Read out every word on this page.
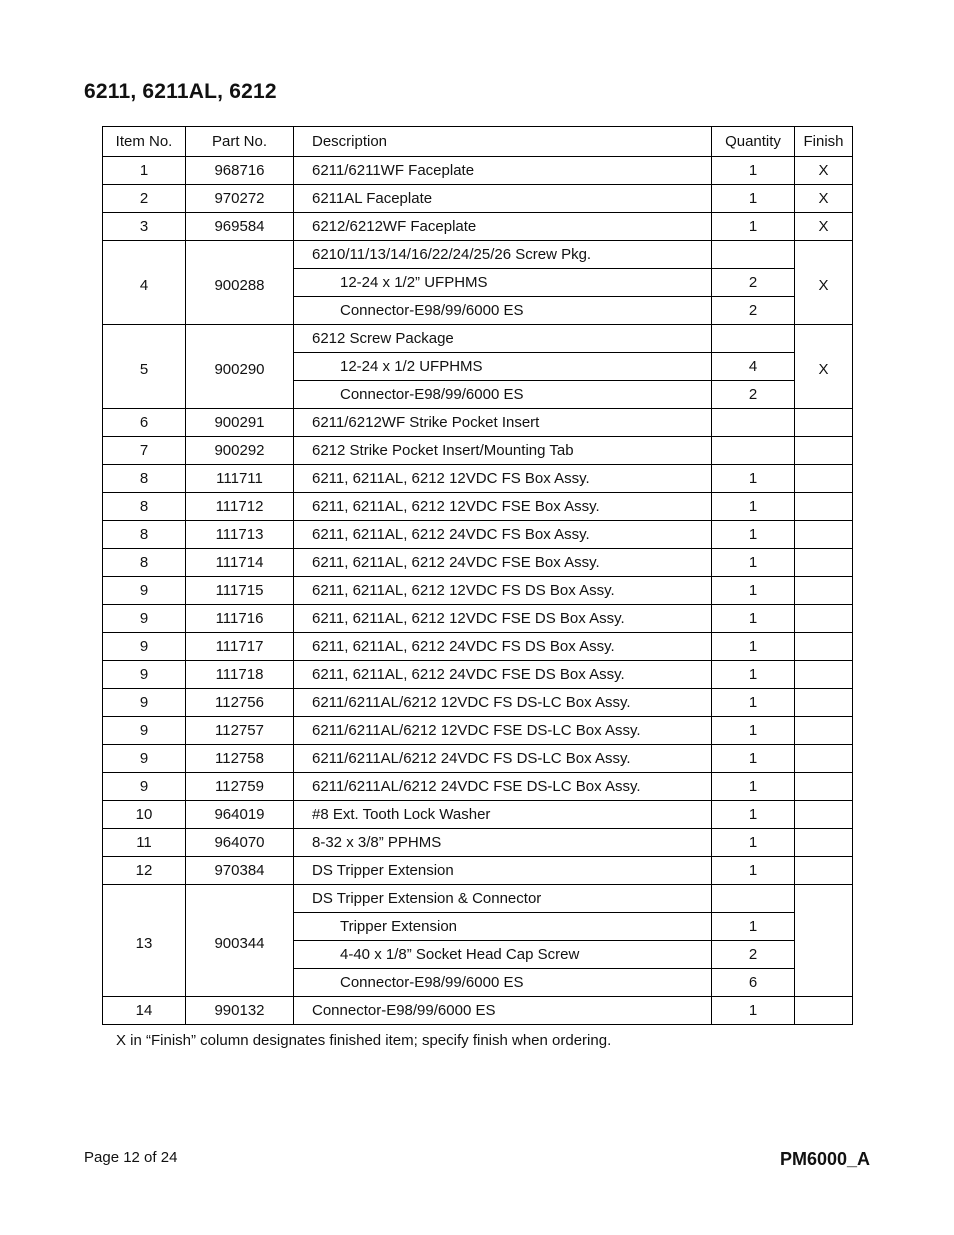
6211, 6211AL, 6212
Item No.	Part No.	Description	Quantity	Finish
1	968716	6211/6211WF Faceplate	1	X
2	970272	6211AL Faceplate	1	X
3	969584	6212/6212WF Faceplate	1	X
4	900288	6210/11/13/14/16/22/24/25/26 Screw Pkg.		X
		12-24 x 1/2” UFPHMS	2	
		Connector-E98/99/6000 ES	2	
5	900290	6212 Screw Package		X
		12-24 x 1/2 UFPHMS	4	
		Connector-E98/99/6000 ES	2	
6	900291	6211/6212WF Strike Pocket Insert		
7	900292	6212 Strike Pocket Insert/Mounting Tab		
8	111711	6211, 6211AL, 6212 12VDC FS Box Assy.	1	
8	111712	6211, 6211AL, 6212 12VDC FSE Box Assy.	1	
8	111713	6211, 6211AL, 6212 24VDC FS Box Assy.	1	
8	111714	6211, 6211AL, 6212 24VDC FSE Box Assy.	1	
9	111715	6211, 6211AL, 6212 12VDC FS DS Box Assy.	1	
9	111716	6211, 6211AL, 6212 12VDC FSE DS Box Assy.	1	
9	111717	6211, 6211AL, 6212 24VDC FS DS Box Assy.	1	
9	111718	6211, 6211AL, 6212 24VDC FSE DS Box Assy.	1	
9	112756	6211/6211AL/6212 12VDC FS DS-LC Box Assy.	1	
9	112757	6211/6211AL/6212 12VDC FSE DS-LC Box Assy.	1	
9	112758	6211/6211AL/6212 24VDC FS DS-LC Box Assy.	1	
9	112759	6211/6211AL/6212 24VDC FSE DS-LC Box Assy.	1	
10	964019	#8 Ext. Tooth Lock Washer	1	
11	964070	8-32 x 3/8” PPHMS	1	
12	970384	DS Tripper Extension	1	
13	900344	DS Tripper Extension & Connector		
		Tripper Extension	1	
		4-40 x 1/8” Socket Head Cap Screw	2	
		Connector-E98/99/6000 ES	6	
14	990132	Connector-E98/99/6000 ES	1	
X in “Finish” column designates finished item; specify finish when ordering.
Page 12 of 24	PM6000_A
